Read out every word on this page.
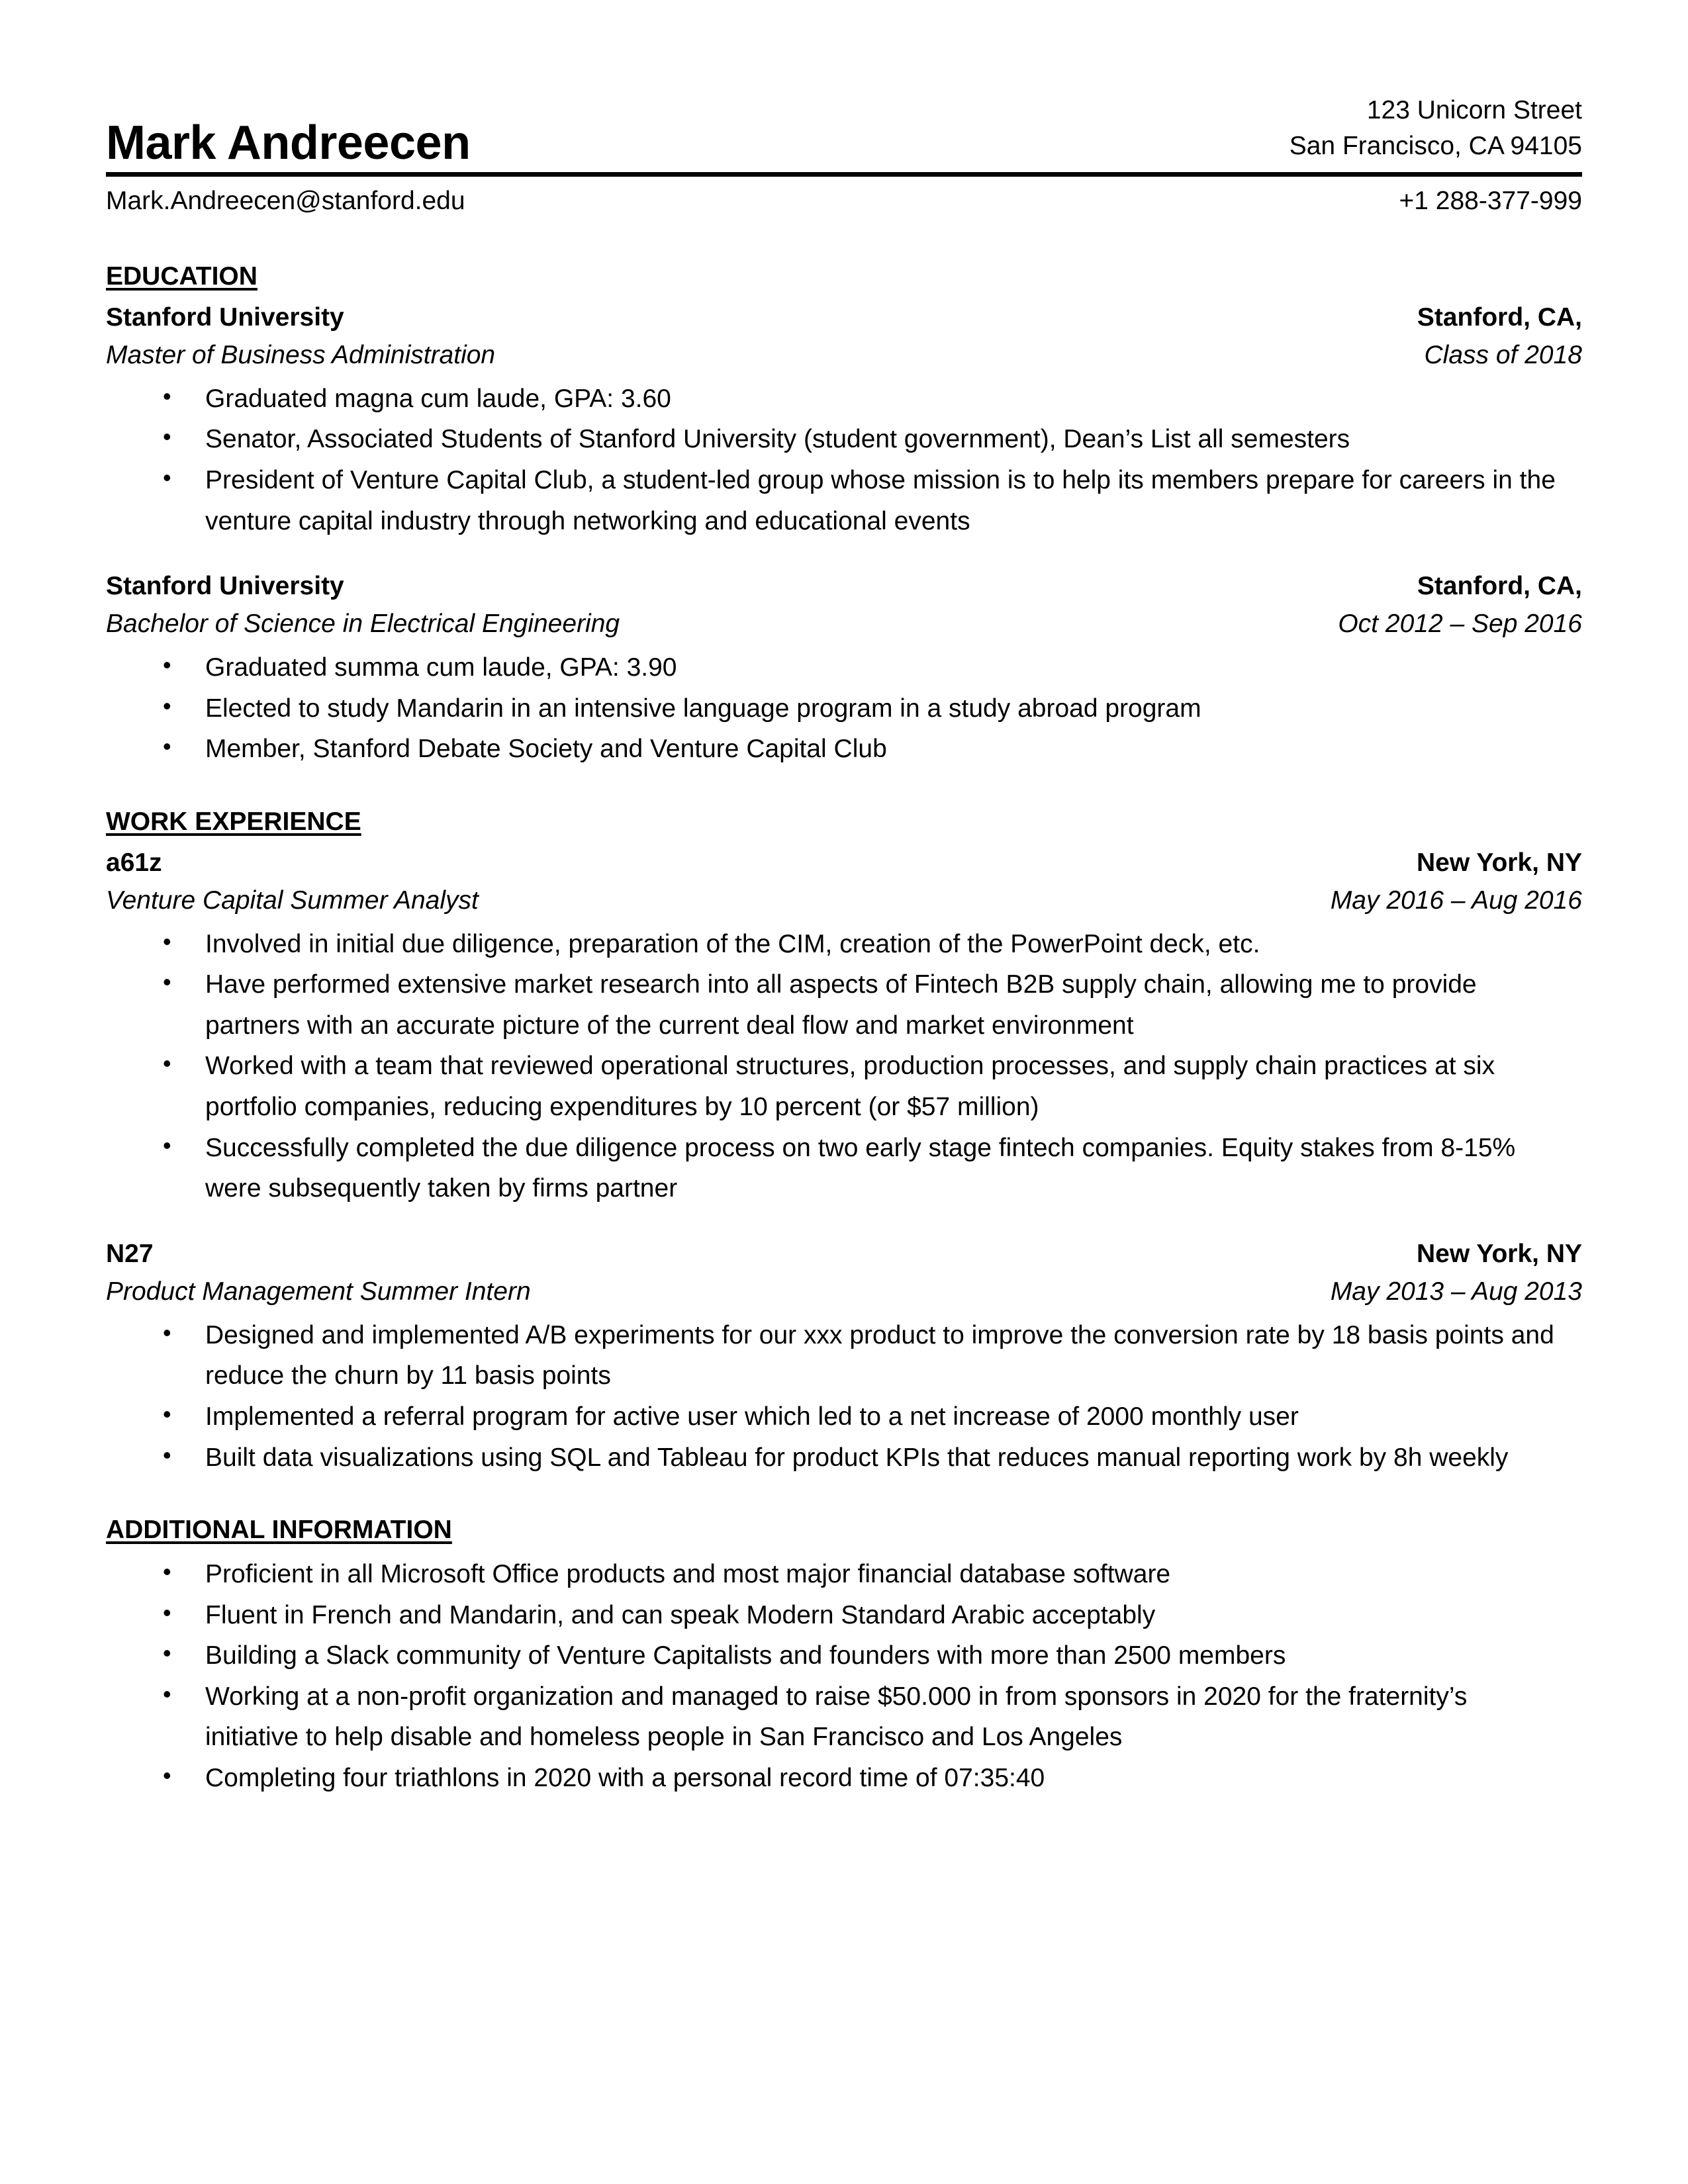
Mark Andreecen
123 Unicorn Street
San Francisco, CA 94105
Mark.Andreecen@stanford.edu	+1 288-377-999
EDUCATION
Stanford University	Stanford, CA,
Master of Business Administration	Class of 2018
• Graduated magna cum laude, GPA: 3.60
• Senator, Associated Students of Stanford University (student government), Dean’s List all semesters
• President of Venture Capital Club, a student-led group whose mission is to help its members prepare for careers in the venture capital industry through networking and educational events
Stanford University	Stanford, CA,
Bachelor of Science in Electrical Engineering	Oct 2012 – Sep 2016
• Graduated summa cum laude, GPA: 3.90
• Elected to study Mandarin in an intensive language program in a study abroad program
• Member, Stanford Debate Society and Venture Capital Club
WORK EXPERIENCE
a61z	New York, NY
Venture Capital Summer Analyst	May 2016 – Aug 2016
• Involved in initial due diligence, preparation of the CIM, creation of the PowerPoint deck, etc.
• Have performed extensive market research into all aspects of Fintech B2B supply chain, allowing me to provide partners with an accurate picture of the current deal flow and market environment
• Worked with a team that reviewed operational structures, production processes, and supply chain practices at six portfolio companies, reducing expenditures by 10 percent (or $57 million)
• Successfully completed the due diligence process on two early stage fintech companies. Equity stakes from 8-15% were subsequently taken by firms partner
N27	New York, NY
Product Management Summer Intern	May 2013 – Aug 2013
• Designed and implemented A/B experiments for our xxx product to improve the conversion rate by 18 basis points and reduce the churn by 11 basis points
• Implemented a referral program for active user which led to a net increase of 2000 monthly user
• Built data visualizations using SQL and Tableau for product KPIs that reduces manual reporting work by 8h weekly
ADDITIONAL INFORMATION
• Proficient in all Microsoft Office products and most major financial database software
• Fluent in French and Mandarin, and can speak Modern Standard Arabic acceptably
• Building a Slack community of Venture Capitalists and founders with more than 2500 members
• Working at a non-profit organization and managed to raise $50.000 in from sponsors in 2020 for the fraternity’s initiative to help disable and homeless people in San Francisco and Los Angeles
• Completing four triathlons in 2020 with a personal record time of 07:35:40
